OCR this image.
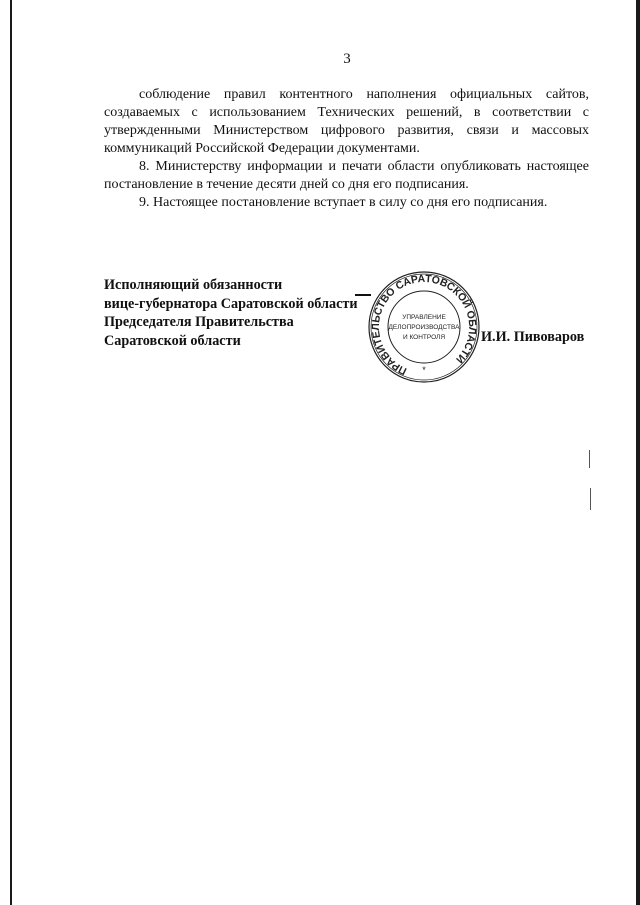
3

соблюдение правил контентного наполнения официальных сайтов, создаваемых с использованием Технических решений, в соответствии с утвержденными Министерством цифрового развития, связи и массовых коммуникаций Российской Федерации документами.

8. Министерству информации и печати области опубликовать настоящее постановление в течение десяти дней со дня его подписания.

9. Настоящее постановление вступает в силу со дня его подписания.

Исполняющий обязанности
вице-губернатора Саратовской области
Председателя Правительства
Саратовской области
ПРАВИТЕЛЬСТВО САРАТОВСКОЙ ОБЛАСТИ
УПРАВЛЕНИЕ
ДЕЛОПРОИЗВОДСТВА
И КОНТРОЛЯ
*
И.И. Пивоваров
